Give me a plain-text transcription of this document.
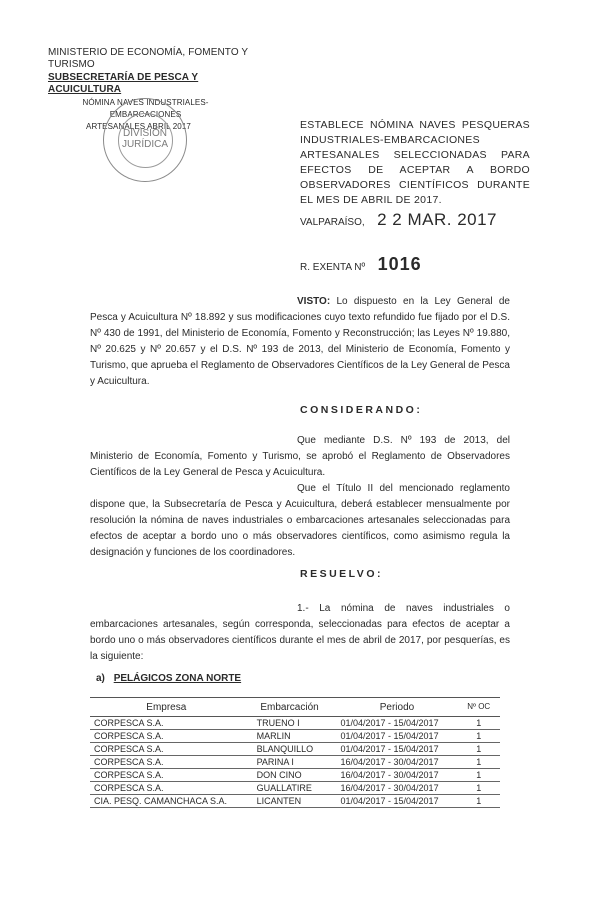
MINISTERIO DE ECONOMÍA, FOMENTO Y TURISMO
SUBSECRETARÍA DE PESCA Y ACUICULTURA
NÓMINA NAVES INDUSTRIALES-EMBARCACIONES
ARTESANALES ABRIL 2017
DIVISIÓN
JURÍDICA
ESTABLECE NÓMINA NAVES PESQUERAS INDUSTRIALES-EMBARCACIONES ARTESANALES SELECCIONADAS PARA EFECTOS DE ACEPTAR A BORDO OBSERVADORES CIENTÍFICOS DURANTE EL MES DE ABRIL DE 2017.
VALPARAÍSO, 2 2 MAR. 2017
R. EXENTA Nº 1016
VISTO: Lo dispuesto en la Ley General de Pesca y Acuicultura Nº 18.892 y sus modificaciones cuyo texto refundido fue fijado por el D.S. Nº 430 de 1991, del Ministerio de Economía, Fomento y Reconstrucción; las Leyes Nº 19.880, Nº 20.625 y Nº 20.657 y el D.S. Nº 193 de 2013, del Ministerio de Economía, Fomento y Turismo, que aprueba el Reglamento de Observadores Científicos de la Ley General de Pesca y Acuicultura.
CONSIDERANDO:
Que mediante D.S. Nº 193 de 2013, del Ministerio de Economía, Fomento y Turismo, se aprobó el Reglamento de Observadores Científicos de la Ley General de Pesca y Acuicultura.
Que el Título II del mencionado reglamento dispone que, la Subsecretaría de Pesca y Acuicultura, deberá establecer mensualmente por resolución la nómina de naves industriales o embarcaciones artesanales seleccionadas para efectos de aceptar a bordo uno o más observadores científicos, como asimismo regula la designación y funciones de los coordinadores.
RESUELVO:
1.- La nómina de naves industriales o embarcaciones artesanales, según corresponda, seleccionadas para efectos de aceptar a bordo uno o más observadores científicos durante el mes de abril de 2017, por pesquerías, es la siguiente:
a) PELÁGICOS ZONA NORTE
Empresa	Embarcación	Periodo	Nº OC
CORPESCA S.A.	TRUENO I	01/04/2017 - 15/04/2017	1
CORPESCA S.A.	MARLIN	01/04/2017 - 15/04/2017	1
CORPESCA S.A.	BLANQUILLO	01/04/2017 - 15/04/2017	1
CORPESCA S.A.	PARINA I	16/04/2017 - 30/04/2017	1
CORPESCA S.A.	DON CINO	16/04/2017 - 30/04/2017	1
CORPESCA S.A.	GUALLATIRE	16/04/2017 - 30/04/2017	1
CIA. PESQ. CAMANCHACA S.A.	LICANTEN	01/04/2017 - 15/04/2017	1
